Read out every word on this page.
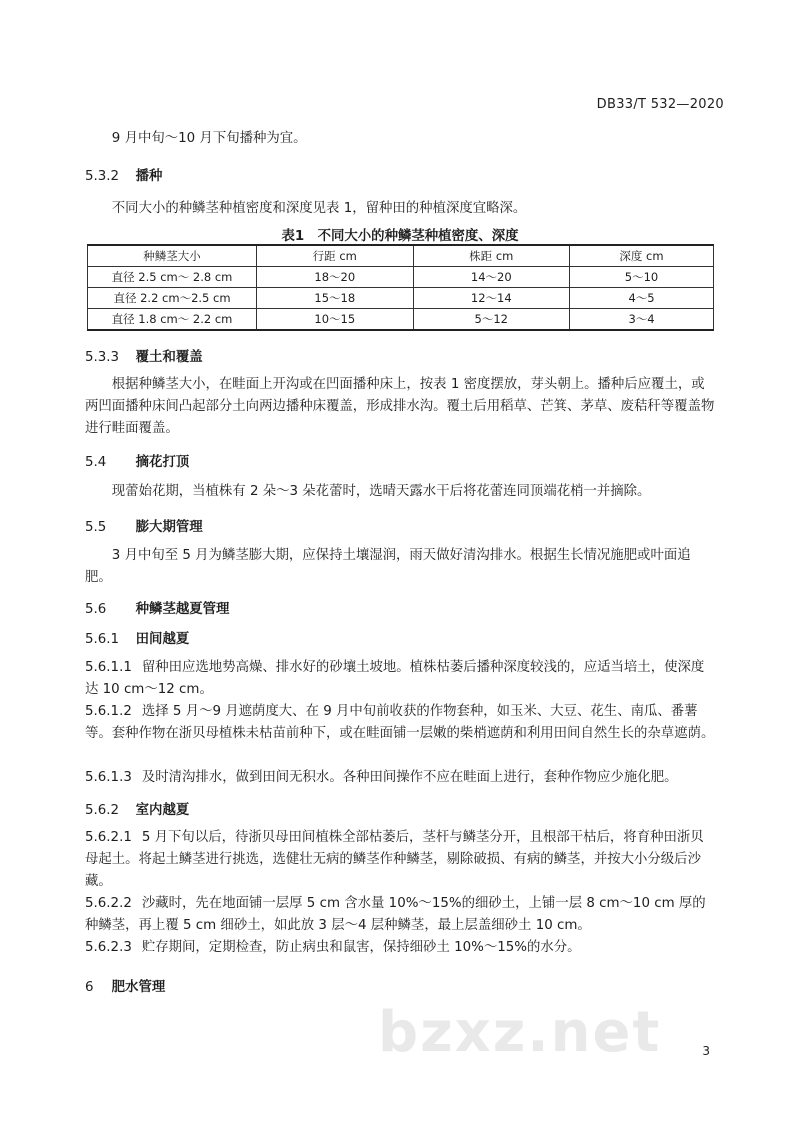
DB33/T 532—2020
9 月中旬～10 月下旬播种为宜。
5.3.2 播种
不同大小的种鳞茎种植密度和深度见表 1，留种田的种植深度宜略深。
表1　不同大小的种鳞茎种植密度、深度
种鳞茎大小	行距 cm	株距 cm	深度 cm
直径 2.5 cm～ 2.8 cm	18～20	14～20	5～10
直径 2.2 cm～2.5 cm	15～18	12～14	4～5
直径 1.8 cm～ 2.2 cm	10～15	5～12	3～4
5.3.3 覆土和覆盖
根据种鳞茎大小，在畦面上开沟或在凹面播种床上，按表 1 密度摆放，芽头朝上。播种后应覆土，或两凹面播种床间凸起部分土向两边播种床覆盖，形成排水沟。覆土后用稻草、芒箕、茅草、废秸秆等覆盖物进行畦面覆盖。
5.4 摘花打顶
现蕾始花期，当植株有 2 朵～3 朵花蕾时，选晴天露水干后将花蕾连同顶端花梢一并摘除。
5.5 膨大期管理
3 月中旬至 5 月为鳞茎膨大期，应保持土壤湿润，雨天做好清沟排水。根据生长情况施肥或叶面追肥。
5.6 种鳞茎越夏管理
5.6.1 田间越夏
5.6.1.1 留种田应选地势高燥、排水好的砂壤土坡地。植株枯萎后播种深度较浅的，应适当培土，使深度达 10 cm～12 cm。
5.6.1.2 选择 5 月～9 月遮荫度大、在 9 月中旬前收获的作物套种，如玉米、大豆、花生、南瓜、番薯等。套种作物在浙贝母植株未枯苗前种下，或在畦面铺一层嫩的柴梢遮荫和利用田间自然生长的杂草遮荫。
5.6.1.3 及时清沟排水，做到田间无积水。各种田间操作不应在畦面上进行，套种作物应少施化肥。
5.6.2 室内越夏
5.6.2.1 5 月下旬以后，待浙贝母田间植株全部枯萎后，茎杆与鳞茎分开，且根部干枯后，将育种田浙贝母起土。将起土鳞茎进行挑选，选健壮无病的鳞茎作种鳞茎，剔除破损、有病的鳞茎，并按大小分级后沙藏。
5.6.2.2 沙藏时，先在地面铺一层厚 5 cm 含水量 10%～15%的细砂土，上铺一层 8 cm～10 cm 厚的种鳞茎，再上覆 5 cm 细砂土，如此放 3 层～4 层种鳞茎，最上层盖细砂土 10 cm。
5.6.2.3 贮存期间，定期检查，防止病虫和鼠害，保持细砂土 10%～15%的水分。
6 肥水管理
bzxz.net	3
